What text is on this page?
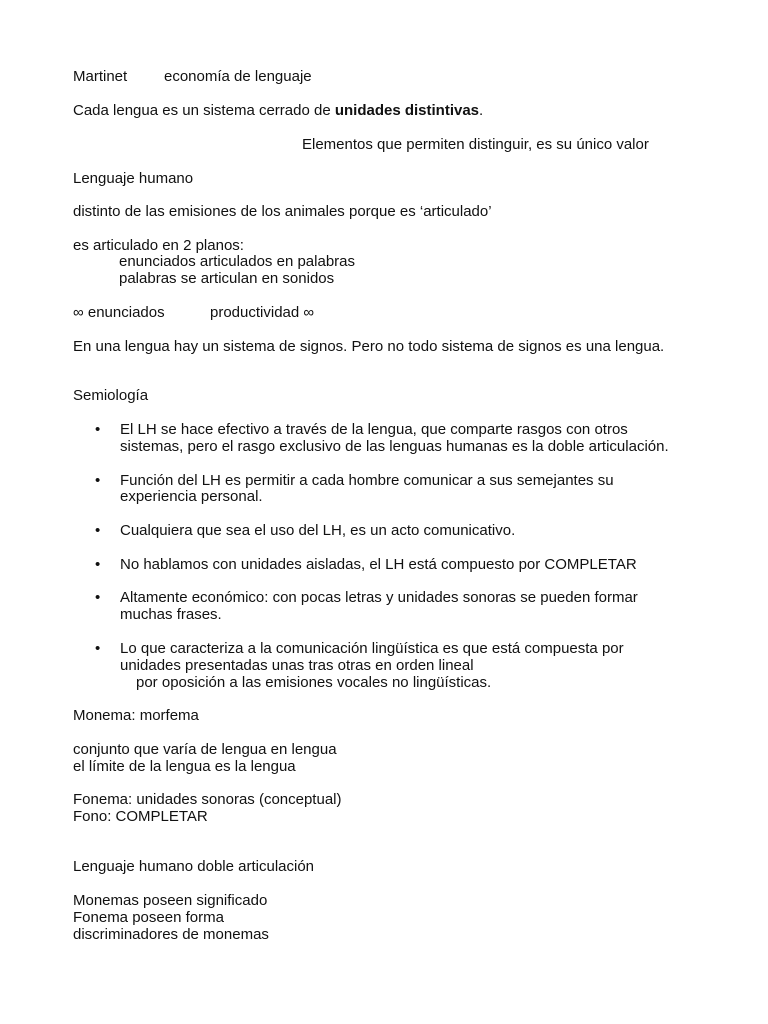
Martinet economía de lenguaje
Cada lengua es un sistema cerrado de unidades distintivas.
Elementos que permiten distinguir, es su único valor
Lenguaje humano
distinto de las emisiones de los animales porque es ‘articulado’
es articulado en 2 planos:
enunciados articulados en palabras
palabras se articulan en sonidos
∞ enunciados	productividad ∞
En una lengua hay un sistema de signos. Pero no todo sistema de signos es una lengua.
Semiología
• El LH se hace efectivo a través de la lengua, que comparte rasgos con otros
sistemas, pero el rasgo exclusivo de las lenguas humanas es la doble articulación.
• Función del LH es permitir a cada hombre comunicar a sus semejantes su
experiencia personal.
• Cualquiera que sea el uso del LH, es un acto comunicativo.
• No hablamos con unidades aisladas, el LH está compuesto por COMPLETAR
• Altamente económico: con pocas letras y unidades sonoras se pueden formar
muchas frases.
• Lo que caracteriza a la comunicación lingüística es que está compuesta por
unidades presentadas unas tras otras en orden lineal
por oposición a las emisiones vocales no lingüísticas.
Monema: morfema
conjunto que varía de lengua en lengua
el límite de la lengua es la lengua
Fonema: unidades sonoras (conceptual)
Fono: COMPLETAR
Lenguaje humano doble articulación
Monemas poseen significado
Fonema poseen forma
discriminadores de monemas
